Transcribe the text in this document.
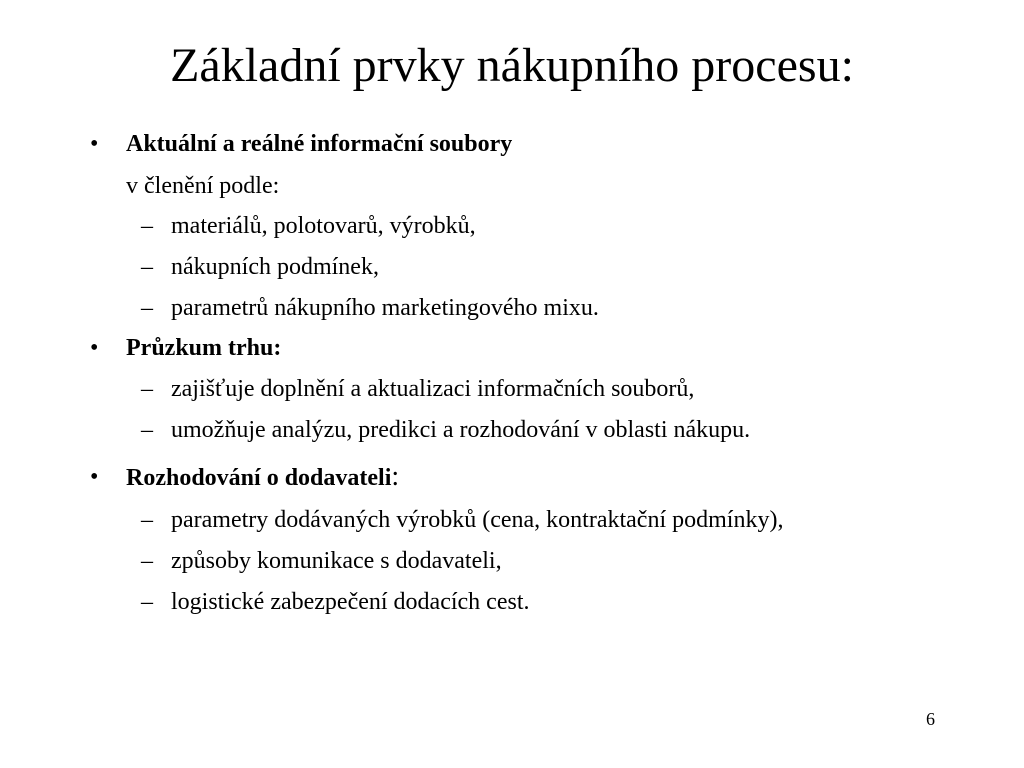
Základní prvky nákupního procesu:
• Aktuální a reálné informační soubory
v členění podle:
– materiálů, polotovarů, výrobků,
– nákupních podmínek,
– parametrů nákupního marketingového mixu.
• Průzkum trhu:
– zajišťuje doplnění a aktualizaci informačních souborů,
– umožňuje analýzu, predikci a rozhodování v oblasti nákupu.
• Rozhodování o dodavateli:
– parametry dodávaných výrobků (cena, kontraktační podmínky),
– způsoby komunikace s dodavateli,
– logistické zabezpečení dodacích cest.
6
